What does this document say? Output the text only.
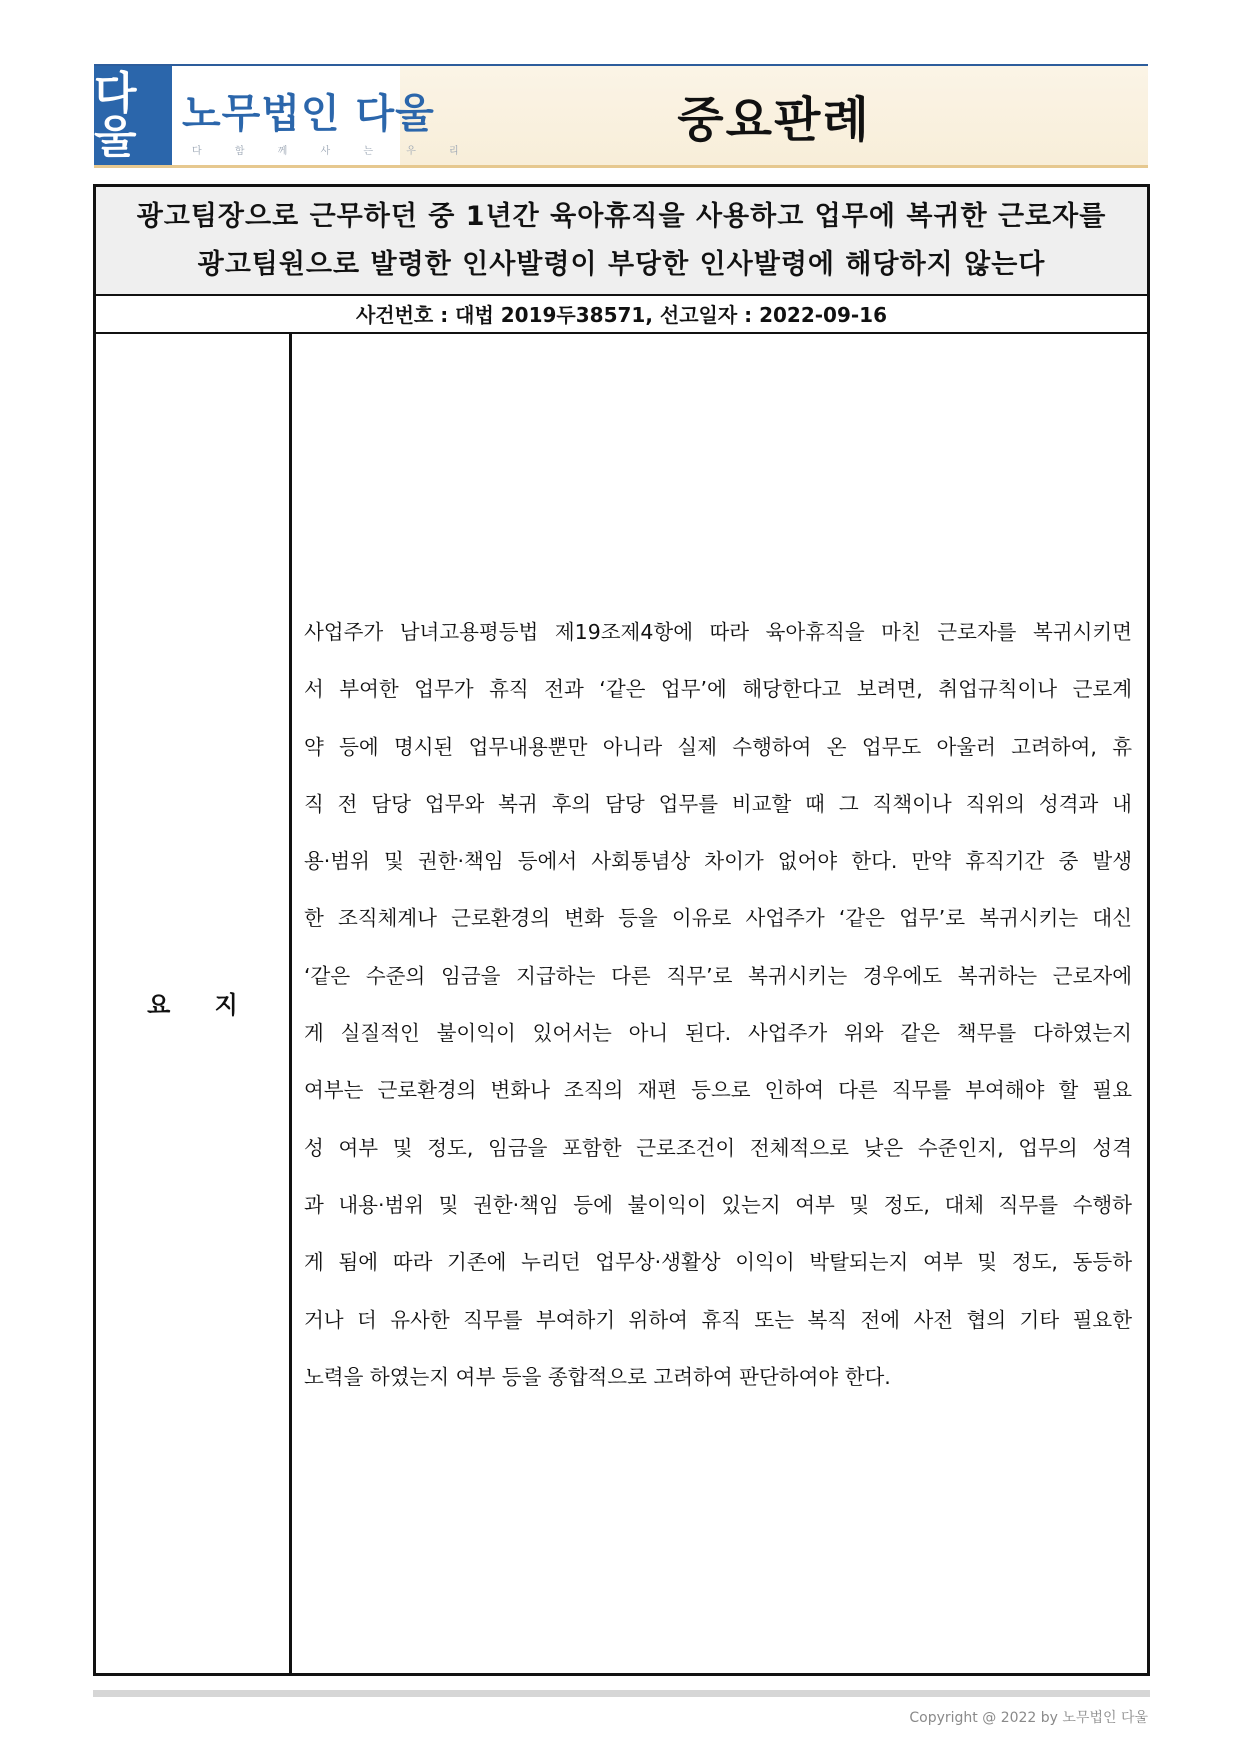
다울	노무법인 다울
다 함 께 사 는 우 리
중요판례
광고팀장으로 근무하던 중 1년간 육아휴직을 사용하고 업무에 복귀한 근로자를
광고팀원으로 발령한 인사발령이 부당한 인사발령에 해당하지 않는다
사건번호 : 대법 2019두38571, 선고일자 : 2022-09-16
요 지
사업주가 남녀고용평등법 제19조제4항에 따라 육아휴직을 마친 근로자를 복귀시키면
서 부여한 업무가 휴직 전과 ‘같은 업무’에 해당한다고 보려면, 취업규칙이나 근로계
약 등에 명시된 업무내용뿐만 아니라 실제 수행하여 온 업무도 아울러 고려하여, 휴
직 전 담당 업무와 복귀 후의 담당 업무를 비교할 때 그 직책이나 직위의 성격과 내
용·범위 및 권한·책임 등에서 사회통념상 차이가 없어야 한다. 만약 휴직기간 중 발생
한 조직체계나 근로환경의 변화 등을 이유로 사업주가 ‘같은 업무’로 복귀시키는 대신
‘같은 수준의 임금을 지급하는 다른 직무’로 복귀시키는 경우에도 복귀하는 근로자에
게 실질적인 불이익이 있어서는 아니 된다. 사업주가 위와 같은 책무를 다하였는지
여부는 근로환경의 변화나 조직의 재편 등으로 인하여 다른 직무를 부여해야 할 필요
성 여부 및 정도, 임금을 포함한 근로조건이 전체적으로 낮은 수준인지, 업무의 성격
과 내용·범위 및 권한·책임 등에 불이익이 있는지 여부 및 정도, 대체 직무를 수행하
게 됨에 따라 기존에 누리던 업무상·생활상 이익이 박탈되는지 여부 및 정도, 동등하
거나 더 유사한 직무를 부여하기 위하여 휴직 또는 복직 전에 사전 협의 기타 필요한
노력을 하였는지 여부 등을 종합적으로 고려하여 판단하여야 한다.
Copyright @ 2022 by 노무법인 다울
